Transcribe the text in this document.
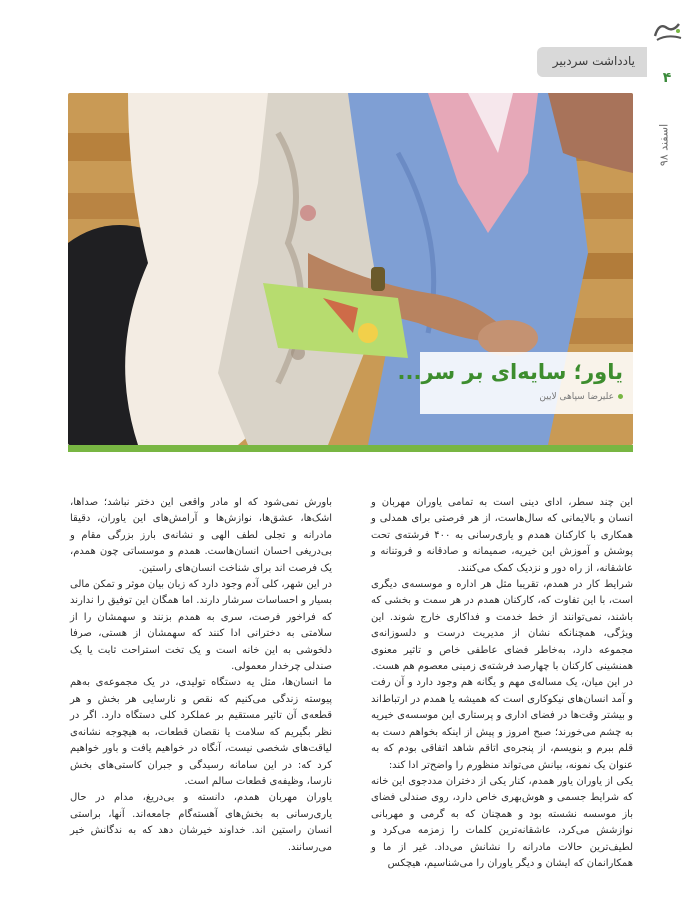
یادداشت سردبیر
۴
اسفند ۹۸
یاور؛ سایه‌ای بر سر...
علیرضا سپاهی لایین

این چند سطر، ادای دینی است به تمامی یاوران مهربان و انسان و بالایمانی که سال‌هاست، از هر فرصتی برای همدلی و همکاری با کارکنان همدم و یاری‌رسانی به ۴۰۰ فرشته‌ی تحت پوشش و آموزش این خیریه، صمیمانه و صادقانه و فروتنانه و عاشقانه، از راه دور و نزدیک کمک می‌کنند.

شرایط کار در همدم، تقریبا مثل هر اداره و موسسه‌ی دیگری است، با این تفاوت که، کارکنان همدم در هر سمت و بخشی که باشند، نمی‌توانند از خط خدمت و فداکاری خارج شوند. این ویژگی، همچنانکه نشان از مدیریت درست و دلسوزانه‌ی مجموعه دارد، به‌خاطر فضای عاطفی خاص و تاثیر معنوی همنشینی کارکنان با چهارصد فرشته‌ی زمینی معصوم هم هست.

در این میان، یک مساله‌ی مهم و یگانه هم وجود دارد و آن رفت و آمد انسان‌های نیکوکاری است که همیشه یا همدم در ارتباط‌اند و بیشتر وقت‌ها در فضای اداری و پرستاری این موسسه‌ی خیریه به چشم می‌خورند؛ صبح امروز و پیش از اینکه بخواهم دست به قلم ببرم و بنویسم، از پنجره‌ی اتاقم شاهد اتفاقی بودم که به عنوان یک نمونه، بیانش می‌تواند منظورم را واضح‌تر ادا کند:

یکی از یاوران یاور همدم، کنار یکی از دختران مددجوی این خانه که شرایط جسمی و هوش‌بهری خاص دارد، روی صندلی فضای باز موسسه نشسته بود و همچنان که به گرمی و مهربانی نوازشش می‌کرد، عاشقانه‌ترین کلمات را زمزمه می‌کرد و لطیف‌ترین حالات مادرانه را نشانش می‌داد. غیر از ما و همکارانمان که ایشان و دیگر یاوران را می‌شناسیم، هیچکس

باورش نمی‌شود که او مادر واقعی این دختر نباشد؛ صداها، اشک‌ها، عشق‌ها، نوازش‌ها و آرامش‌های این یاوران، دقیقا مادرانه و تجلی لطف الهی و نشانه‌ی بارز بزرگی مقام و بی‌دریغی احسان انسان‌هاست. همدم و موسساتی چون همدم، یک فرصت اند برای شناخت انسان‌های راستین.

در این شهر، کلی آدم وجود دارد که زبان بیان موثر و تمکن مالی بسیار و احساسات سرشار دارند. اما همگان این توفیق را ندارند که فراخور فرصت، سری به همدم بزنند و سهمشان را از سلامتی به دخترانی ادا کنند که سهمشان از هستی، صرفا دلخوشی به این خانه است و یک تخت استراحت ثابت یا یک صندلی چرخدار معمولی.

ما انسان‌ها، مثل یه دستگاه تولیدی، در یک مجموعه‌ی به‌هم پیوسته زندگی می‌کنیم که نقص و نارسایی هر بخش و هر قطعه‌ی آن تاثیر مستقیم بر عملکرد کلی دستگاه دارد. اگر در نظر بگیریم که سلامت یا نقصان قطعات، به هیچوجه نشانه‌ی لیاقت‌های شخصی نیست، آنگاه در خواهیم یافت و باور خواهیم کرد که: در این سامانه رسیدگی و جبران کاستی‌های بخش نارسا، وظیفه‌ی قطعات سالم است.

یاوران مهربان همدم، دانسته و بی‌دریغ، مدام در حال یاری‌رسانی به بخش‌های آهسته‌گام جامعه‌اند. آنها، براستی انسان راستین اند. خداوند خیرشان دهد که به ندگانش خیر می‌رسانند.
